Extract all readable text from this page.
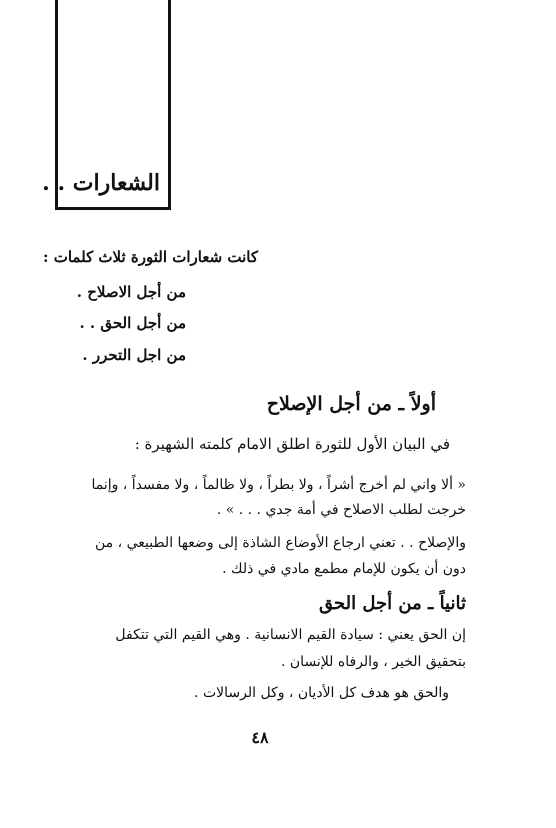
الشعارات . .
كانت شعارات الثورة ثلاث كلمات :
من أجل الاصلاح .
من أجل الحق . .
من اجل التحرر .
أولاً ـ من أجل الإصلاح
في البيان الأول للثورة اطلق الامام كلمته الشهيرة :
« ألا واني لم أخرج أشراً ، ولا بطراً ، ولا ظالماً ، ولا مفسداً ، وإنما
خرجت لطلب الاصلاح في أمة جدي . . . » .
والإصلاح . . تعني ارجاع الأوضاع الشاذة إلى وضعها الطبيعي ، من
دون أن يكون للإمام مطمع مادي في ذلك .
ثانياً ـ من أجل الحق
إن الحق يعني : سيادة القيم الانسانية . وهي القيم التي تتكفل
بتحقيق الخير ، والرفاه للإنسان .
والحق هو هدف كل الأديان ، وكل الرسالات .
٤٨
